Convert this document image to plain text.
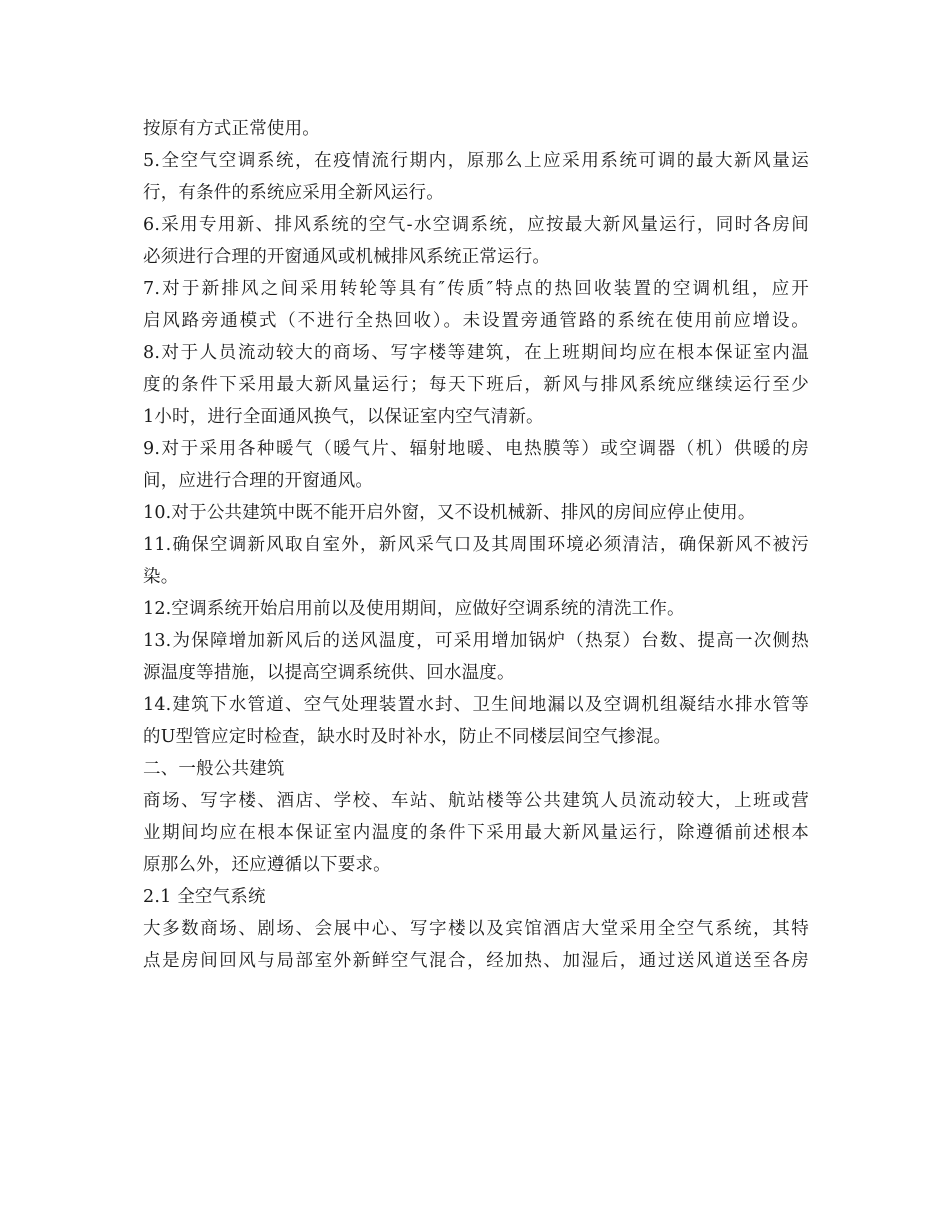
按原有方式正常使用。
5.全空气空调系统，在疫情流行期内，原那么上应采用系统可调的最大新风量运
行，有条件的系统应采用全新风运行。
6.采用专用新、排风系统的空气-水空调系统，应按最大新风量运行，同时各房间
必须进行合理的开窗通风或机械排风系统正常运行。
7.对于新排风之间采用转轮等具有″传质″特点的热回收装置的空调机组，应开
启风路旁通模式（不进行全热回收）。未设置旁通管路的系统在使用前应增设。
8.对于人员流动较大的商场、写字楼等建筑，在上班期间均应在根本保证室内温
度的条件下采用最大新风量运行；每天下班后，新风与排风系统应继续运行至少
1小时，进行全面通风换气，以保证室内空气清新。
9.对于采用各种暖气（暖气片、辐射地暖、电热膜等）或空调器（机）供暖的房
间，应进行合理的开窗通风。
10.对于公共建筑中既不能开启外窗，又不设机械新、排风的房间应停止使用。
11.确保空调新风取自室外，新风采气口及其周围环境必须清洁，确保新风不被污
染。
12.空调系统开始启用前以及使用期间，应做好空调系统的清洗工作。
13.为保障增加新风后的送风温度，可采用增加锅炉（热泵）台数、提高一次侧热
源温度等措施，以提高空调系统供、回水温度。
14.建筑下水管道、空气处理装置水封、卫生间地漏以及空调机组凝结水排水管等
的U型管应定时检查，缺水时及时补水，防止不同楼层间空气掺混。
二、一般公共建筑
商场、写字楼、酒店、学校、车站、航站楼等公共建筑人员流动较大，上班或营
业期间均应在根本保证室内温度的条件下采用最大新风量运行，除遵循前述根本
原那么外，还应遵循以下要求。
2.1 全空气系统
大多数商场、剧场、会展中心、写字楼以及宾馆酒店大堂采用全空气系统，其特
点是房间回风与局部室外新鲜空气混合，经加热、加湿后，通过送风道送至各房
